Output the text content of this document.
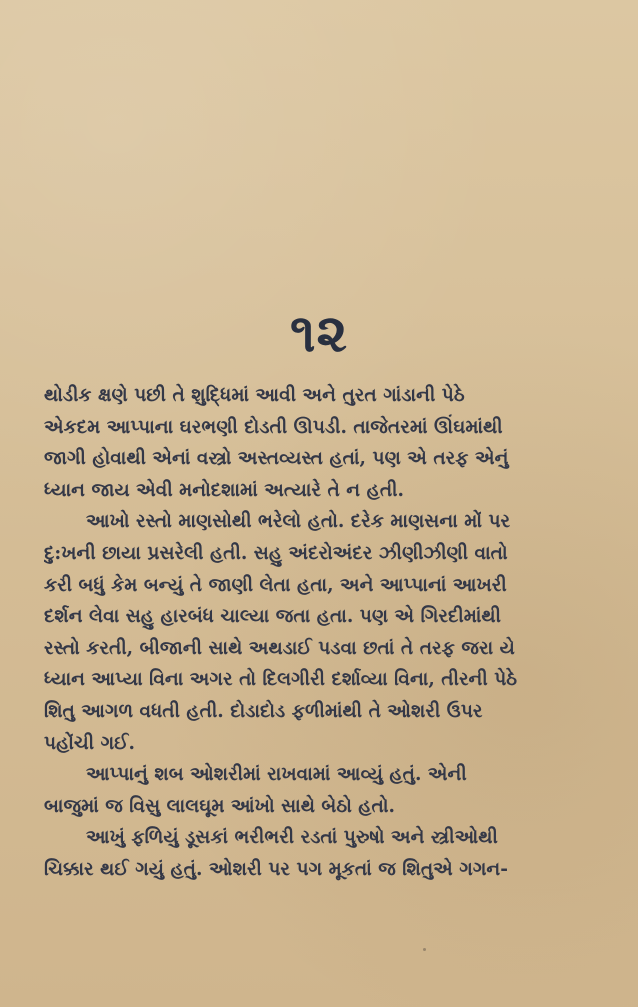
૧૨
થોડીક ક્ષણે પછી તે શુદ્ધિમાં આવી અને તુરત ગાંડાની પેઠે
એકદમ આપ્પાના ઘરભણી દોડતી ઊપડી. તાજેતરમાં ઊંઘમાંથી
જાગી હોવાથી એનાં વસ્ત્રો અસ્તવ્યસ્ત હતાં, પણ એ તરફ એનું
ધ્યાન જાય એવી મનોદશામાં અત્યારે તે ન હતી.
આખો રસ્તો માણસોથી ભરેલો હતો. દરેક માણસના મોં પર
દુ:ખની છાયા પ્રસરેલી હતી. સહુ અંદરોઅંદર ઝીણીઝીણી વાતો
કરી બધું કેમ બન્યું તે જાણી લેતા હતા, અને આપ્પાનાં આખરી
દર્શન લેવા સહુ હારબંધ ચાલ્યા જતા હતા. પણ એ ગિરદીમાંથી
રસ્તો કરતી, બીજાની સાથે અથડાઈ પડવા છતાં તે તરફ જરા યે
ધ્યાન આપ્યા વિના અગર તો દિલગીરી દર્શાવ્યા વિના, તીરની પેઠે
શિતુ આગળ વધતી હતી. દોડાદોડ ફળીમાંથી તે ઓશરી ઉપર
પહોંચી ગઈ.
આપ્પાનું શબ ઓશરીમાં રાખવામાં આવ્યું હતું. એની
બાજુમાં જ વિસુ લાલઘૂમ આંખો સાથે બેઠો હતો.
આખું ફળિયું ડૂસકાં ભરીભરી રડતાં પુરુષો અને સ્ત્રીઓથી
ચિક્કાર થઈ ગયું હતું. ઓશરી પર પગ મૂકતાં જ શિતુએ ગગન-
